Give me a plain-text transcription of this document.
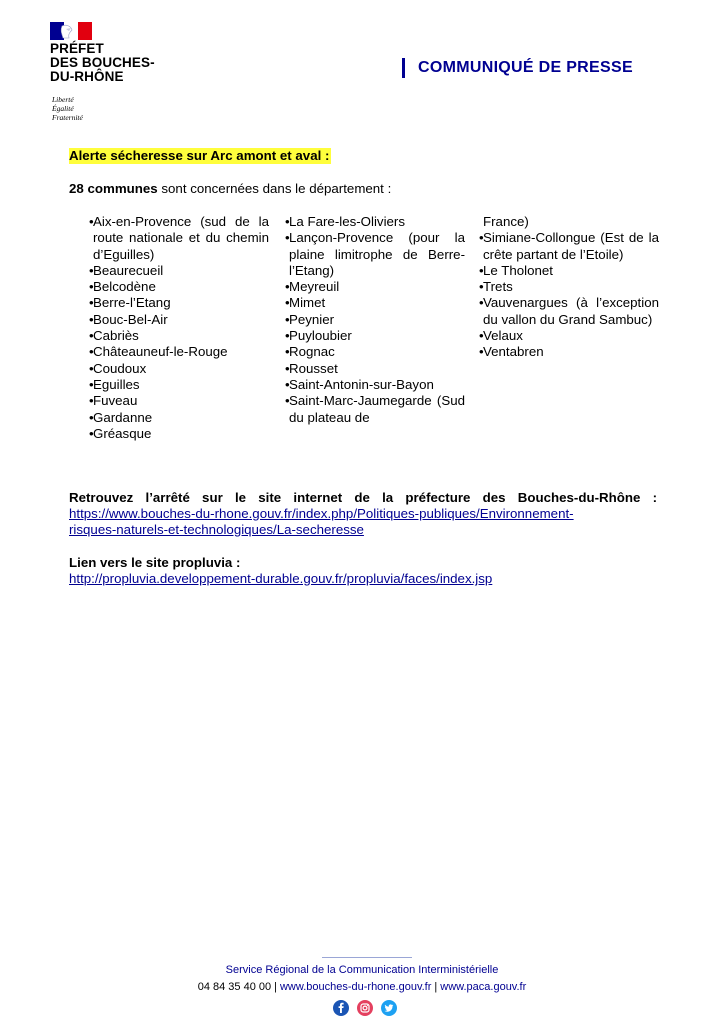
PRÉFET
DES BOUCHES-
DU-RHÔNE
Liberté
Égalité
Fraternité
COMMUNIQUÉ DE PRESSE
Alerte sécheresse sur Arc amont et aval :
28 communes sont concernées dans le département :
• Aix-en-Provence (sud de la route nationale et du chemin d’Eguilles)
• Beaurecueil
• Belcodène
• Berre-l’Etang
• Bouc-Bel-Air
• Cabriès
• Châteauneuf-le-Rouge
• Coudoux
• Eguilles
• Fuveau
• Gardanne
• Gréasque
• La Fare-les-Oliviers
• Lançon-Provence (pour la plaine limitrophe de Berre-l’Etang)
• Meyreuil
• Mimet
• Peynier
• Puyloubier
• Rognac
• Rousset
• Saint-Antonin-sur-Bayon
• Saint-Marc-Jaumegarde (Sud du plateau de
France)
• Simiane-Collongue (Est de la crête partant de l’Etoile)
• Le Tholonet
• Trets
• Vauvenargues (à l’exception du vallon du Grand Sambuc)
• Velaux
• Ventabren
Retrouvez l’arrêté sur le site internet de la préfecture des Bouches-du-Rhône :
https://www.bouches-du-rhone.gouv.fr/index.php/Politiques-publiques/Environnement-
risques-naturels-et-technologiques/La-secheresse
Lien vers le site propluvia :
http://propluvia.developpement-durable.gouv.fr/propluvia/faces/index.jsp
Service Régional de la Communication Interministérielle
04 84 35 40 00 | www.bouches-du-rhone.gouv.fr | www.paca.gouv.fr
